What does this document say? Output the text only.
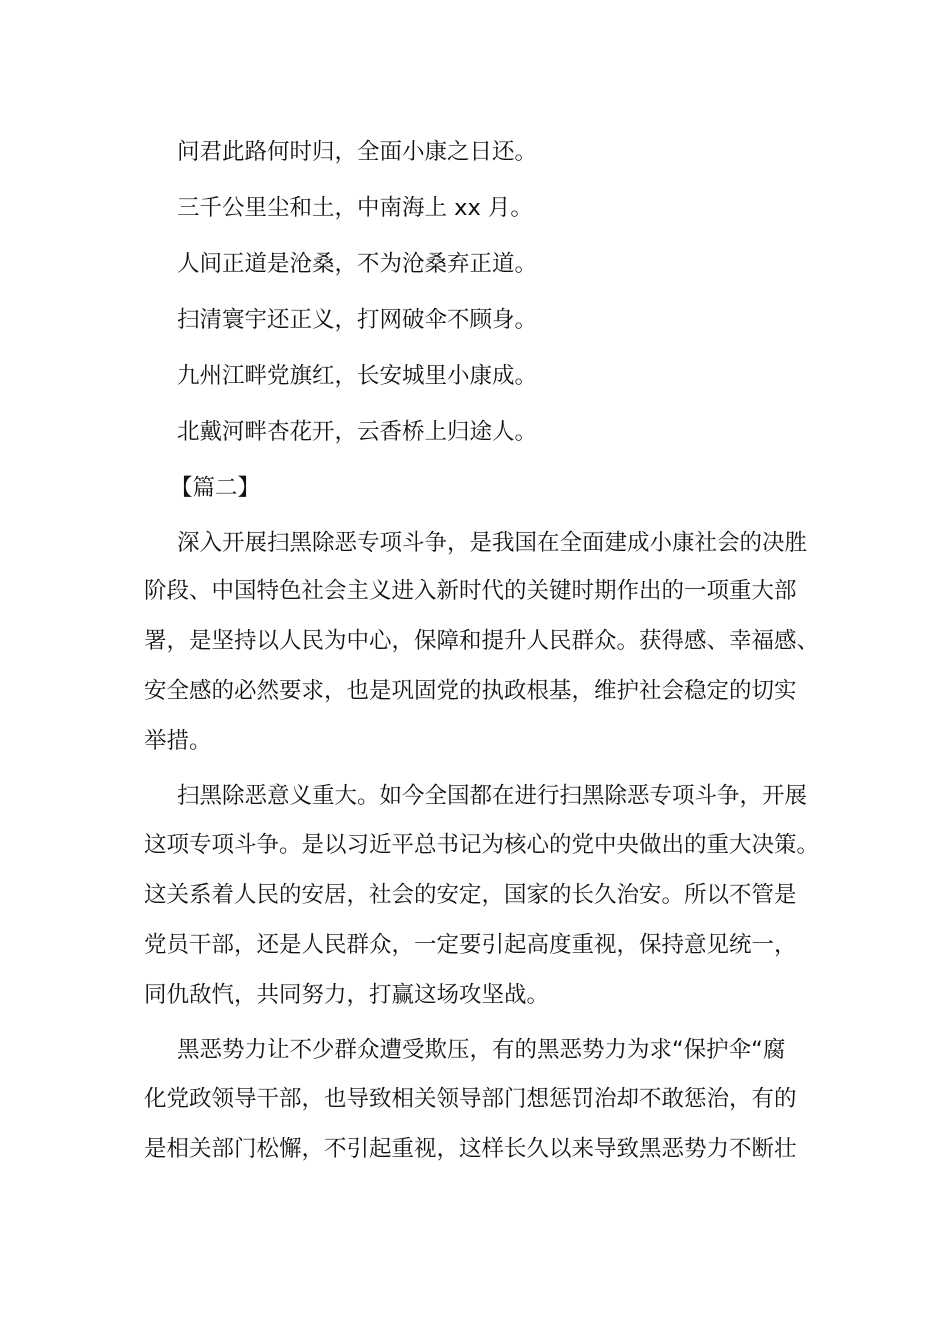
问君此路何时归，全面小康之日还。

三千公里尘和土，中南海上 xx 月。

人间正道是沧桑，不为沧桑弃正道。

扫清寰宇还正义，打网破伞不顾身。

九州江畔党旗红，长安城里小康成。

北戴河畔杏花开，云香桥上归途人。

【篇二】

深入开展扫黑除恶专项斗争，是我国在全面建成小康社会的决胜

阶段、中国特色社会主义进入新时代的关键时期作出的一项重大部

署，是坚持以人民为中心，保障和提升人民群众。获得感、幸福感、

安全感的必然要求，也是巩固党的执政根基，维护社会稳定的切实

举措。

扫黑除恶意义重大。如今全国都在进行扫黑除恶专项斗争，开展

这项专项斗争。是以习近平总书记为核心的党中央做出的重大决策。

这关系着人民的安居，社会的安定，国家的长久治安。所以不管是

党员干部，还是人民群众，一定要引起高度重视，保持意见统一，

同仇敌忾，共同努力，打赢这场攻坚战。

黑恶势力让不少群众遭受欺压，有的黑恶势力为求“保护伞“腐

化党政领导干部，也导致相关领导部门想惩罚治却不敢惩治，有的

是相关部门松懈，不引起重视，这样长久以来导致黑恶势力不断壮
